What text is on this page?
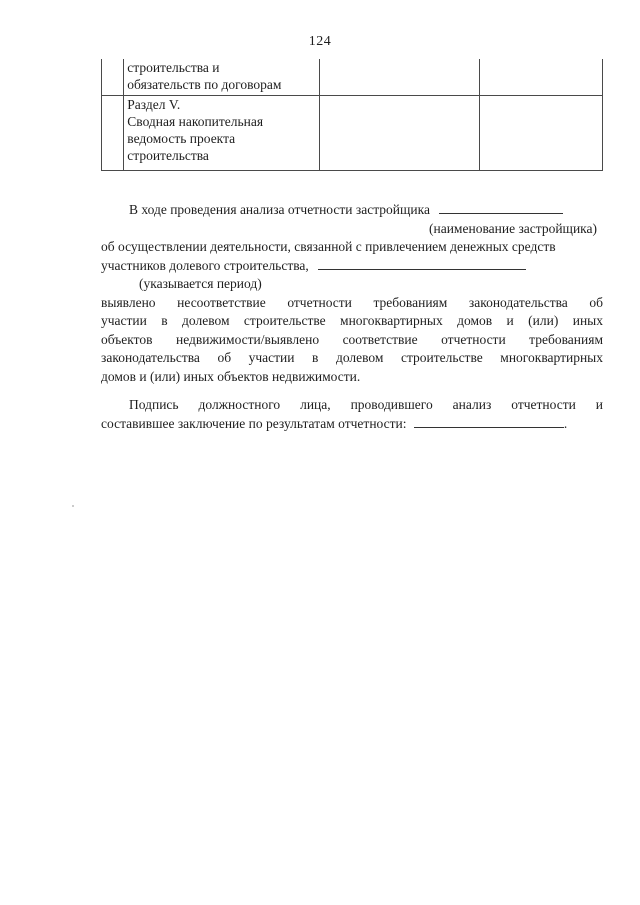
124

	строительства и
обязательств по договорам		

	Раздел V.
Сводная накопительная
ведомость проекта
строительства		

В ходе проведения анализа отчетности застройщика
(наименование застройщика)
об осуществлении деятельности, связанной с привлечением денежных средств
участников долевого строительства,
(указывается период)
выявлено несоответствие отчетности требованиям законодательства об
участии в долевом строительстве многоквартирных домов и (или) иных
объектов недвижимости/выявлено соответствие отчетности требованиям
законодательства об участии в долевом строительстве многоквартирных
домов и (или) иных объектов недвижимости.
Подпись должностного лица, проводившего анализ отчетности и
составившее заключение по результатам отчетности:	.
